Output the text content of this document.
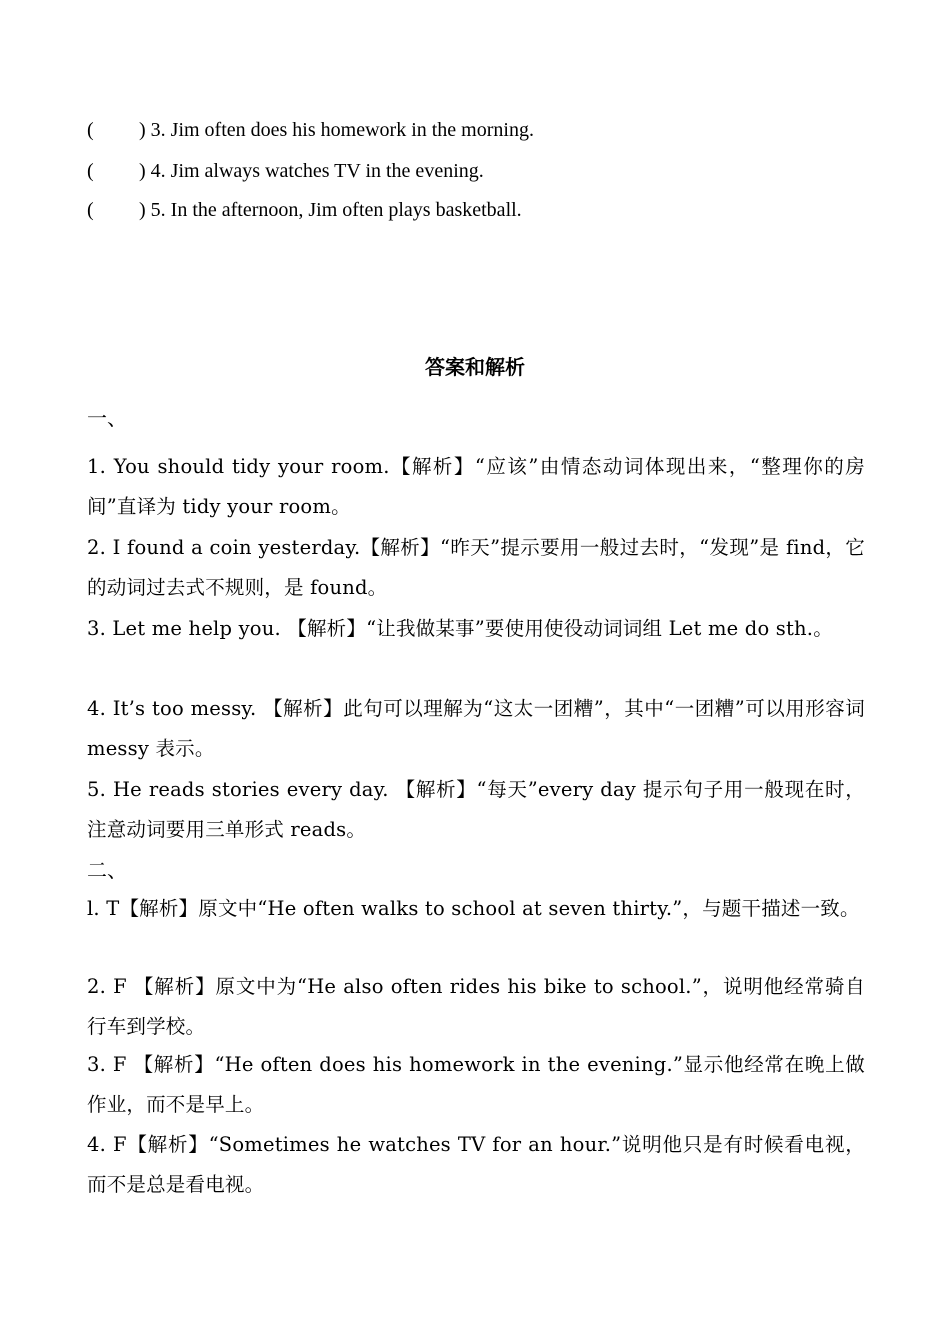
( ) 3. Jim often does his homework in the morning.
( ) 4. Jim always watches TV in the evening.
( ) 5. In the afternoon, Jim often plays basketball.
答案和解析
一、
1. You should tidy your room.【解析】“应该”由情态动词体现出来，“整理你的房间”直译为 tidy your room。
2. I found a coin yesterday.【解析】“昨天”提示要用一般过去时，“发现”是 find，它的动词过去式不规则，是 found。
3. Let me help you. 【解析】“让我做某事”要使用使役动词词组 Let me do sth.。
4. It’s too messy. 【解析】此句可以理解为“这太一团糟”，其中“一团糟”可以用形容词 messy 表示。
5. He reads stories every day. 【解析】“每天”every day 提示句子用一般现在时，注意动词要用三单形式 reads。
二、
l. T【解析】原文中“He often walks to school at seven thirty.”，与题干描述一致。
2. F 【解析】原文中为“He also often rides his bike to school.”，说明他经常骑自行车到学校。
3. F 【解析】“He often does his homework in the evening.”显示他经常在晚上做作业，而不是早上。
4. F【解析】“Sometimes he watches TV for an hour.”说明他只是有时候看电视，而不是总是看电视。
